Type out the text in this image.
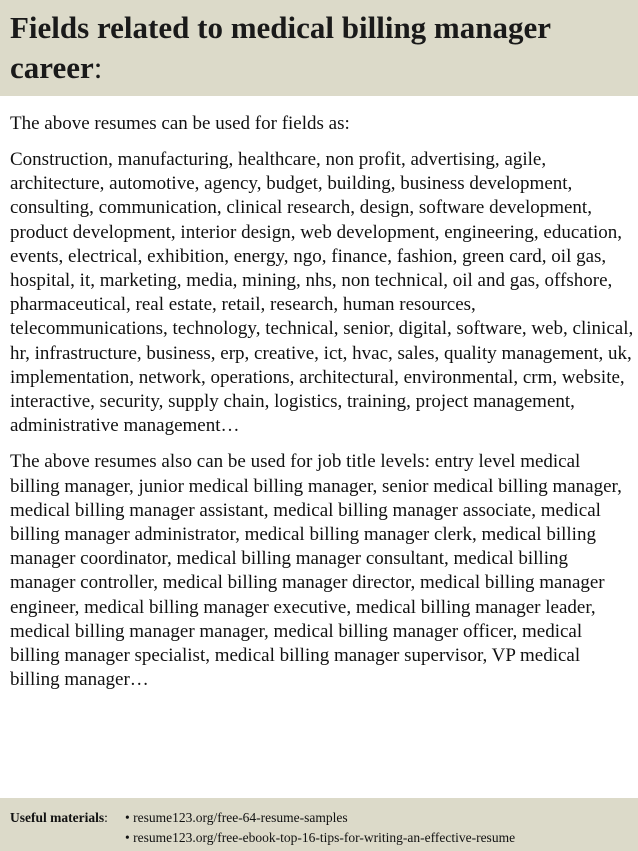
Fields related to medical billing manager career:

The above resumes can be used for fields as:

Construction, manufacturing, healthcare, non profit, advertising, agile, architecture, automotive, agency, budget, building, business development, consulting, communication, clinical research, design, software development, product development, interior design, web development, engineering, education, events, electrical, exhibition, energy, ngo, finance, fashion, green card, oil gas, hospital, it, marketing, media, mining, nhs, non technical, oil and gas, offshore, pharmaceutical, real estate, retail, research, human resources, telecommunications, technology, technical, senior, digital, software, web, clinical, hr, infrastructure, business, erp, creative, ict, hvac, sales, quality management, uk, implementation, network, operations, architectural, environmental, crm, website, interactive, security, supply chain, logistics, training, project management, administrative management…

The above resumes also can be used for job title levels: entry level medical billing manager, junior medical billing manager, senior medical billing manager, medical billing manager assistant, medical billing manager associate, medical billing manager administrator, medical billing manager clerk, medical billing manager coordinator, medical billing manager consultant, medical billing manager controller, medical billing manager director, medical billing manager engineer, medical billing manager executive, medical billing manager leader, medical billing manager manager, medical billing manager officer, medical billing manager specialist, medical billing manager supervisor, VP medical billing manager…

Useful materials:	• resume123.org/free-64-resume-samples
• resume123.org/free-ebook-top-16-tips-for-writing-an-effective-resume
